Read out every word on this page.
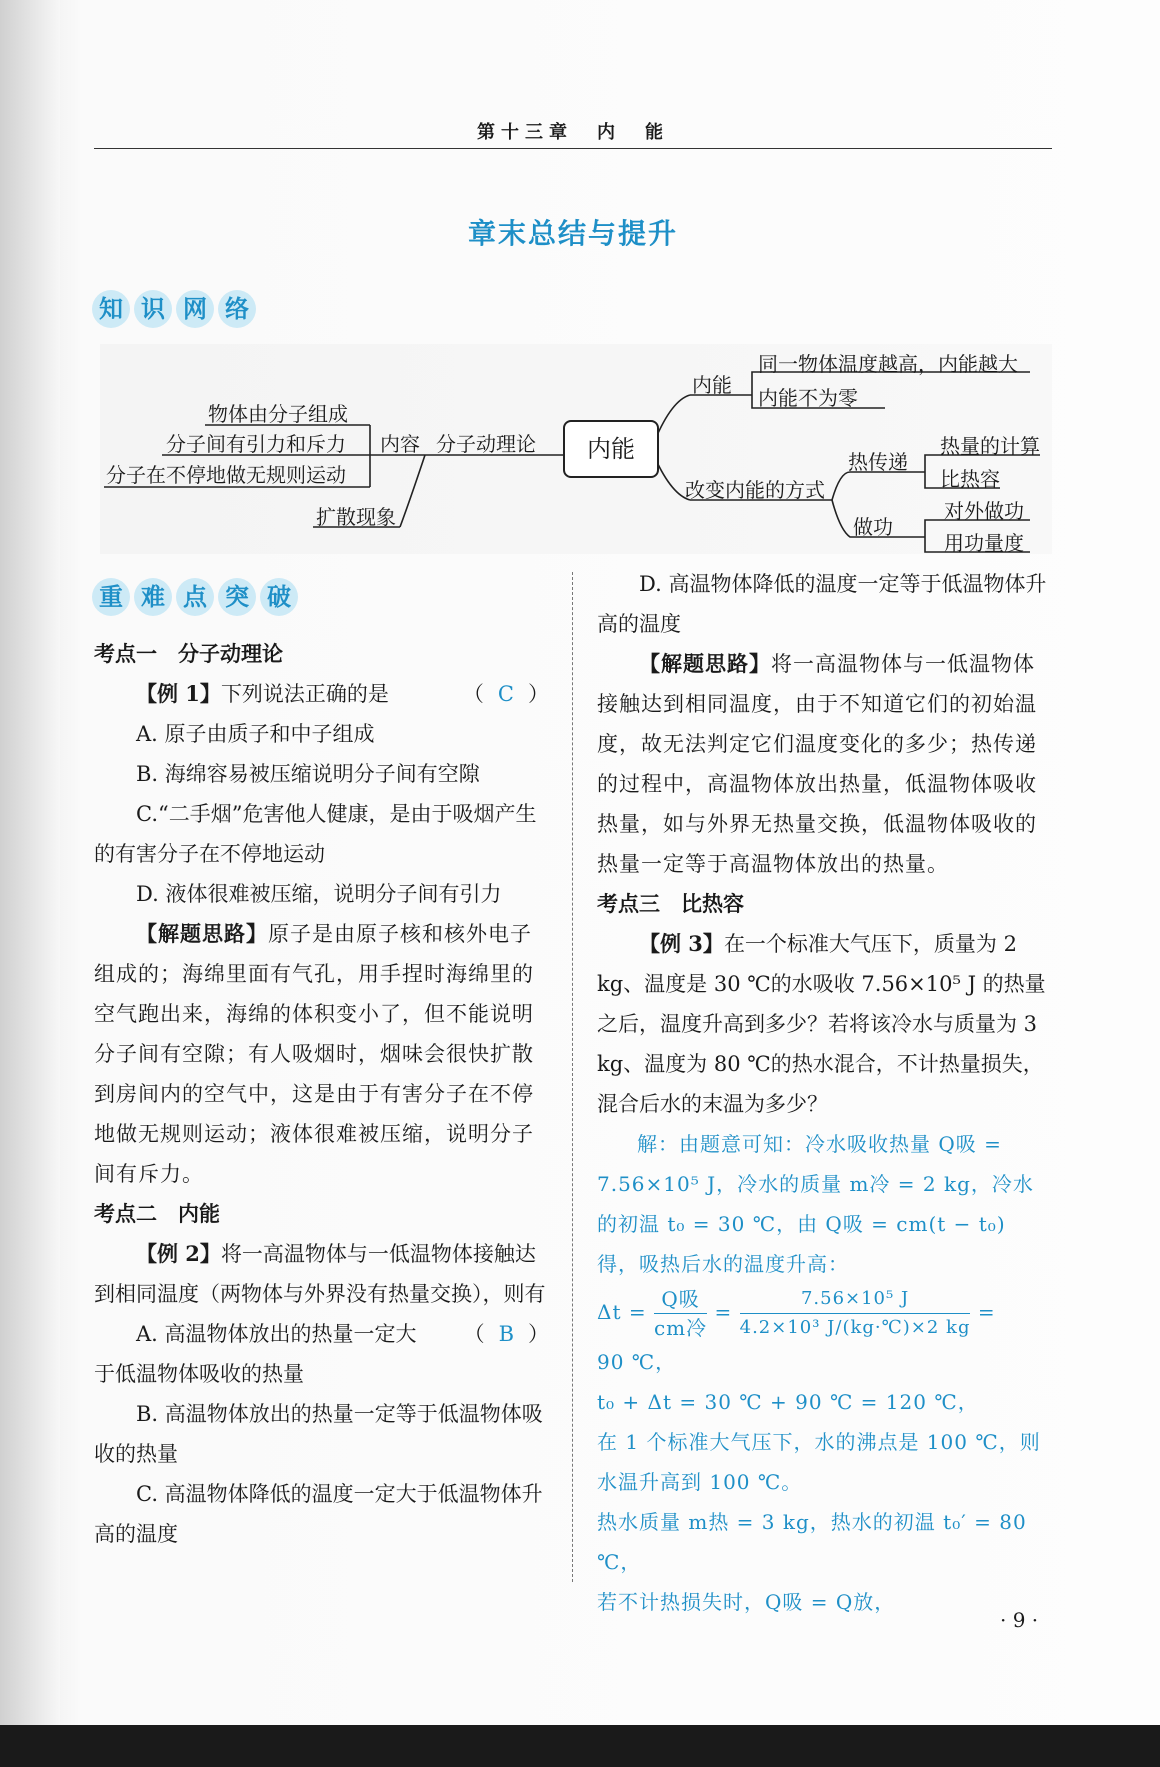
第十三章　内　能
章末总结与提升
知 识 网 络
内能
物体由分子组成
分子间有引力和斥力
分子在不停地做无规则运动
内容 分子动理论
扩散现象
内能
同一物体温度越高，内能越大
内能不为零
改变内能的方式
热传递
热量的计算
比热容
做功
对外做功
用功量度
重 难 点 突 破

考点一　分子动理论

【例 1】下列说法正确的是	（ C ）

A. 原子由质子和中子组成

B. 海绵容易被压缩说明分子间有空隙

C.“二手烟”危害他人健康，是由于吸烟产生的有害分子在不停地运动

D. 液体很难被压缩，说明分子间有引力

【解题思路】原子是由原子核和核外电子组成的；海绵里面有气孔，用手捏时海绵里的空气跑出来，海绵的体积变小了，但不能说明分子间有空隙；有人吸烟时，烟味会很快扩散到房间内的空气中，这是由于有害分子在不停地做无规则运动；液体很难被压缩，说明分子间有斥力。

考点二　内能

【例 2】将一高温物体与一低温物体接触达到相同温度（两物体与外界没有热量交换），则有
（ B ）

A. 高温物体放出的热量一定大于低温物体吸收的热量

B. 高温物体放出的热量一定等于低温物体吸收的热量

C. 高温物体降低的温度一定大于低温物体升高的温度

D. 高温物体降低的温度一定等于低温物体升高的温度

【解题思路】将一高温物体与一低温物体接触达到相同温度，由于不知道它们的初始温度，故无法判定它们温度变化的多少；热传递的过程中，高温物体放出热量，低温物体吸收热量，如与外界无热量交换，低温物体吸收的热量一定等于高温物体放出的热量。

考点三　比热容

【例 3】在一个标准大气压下，质量为 2 kg、温度是 30 ℃的水吸收 7.56×10⁵ J 的热量之后，温度升高到多少？若将该冷水与质量为 3 kg、温度为 80 ℃的热水混合，不计热量损失，混合后水的末温为多少？

解：由题意可知：冷水吸收热量 Q吸 = 7.56×10⁵ J，冷水的质量 m冷 = 2 kg，冷水的初温 t₀ = 30 ℃，由 Q吸 = cm(t − t₀) 得，吸热后水的温度升高：

$\Delta t = \frac{\text{Q吸}}{\text{cm冷}} = \frac{\text{7.56×10⁵ J}}{\text{4.2×10³ J/(kg·℃)×2 kg}}$ =

90 ℃，

t₀ + Δt = 30 ℃ + 90 ℃ = 120 ℃，

在 1 个标准大气压下，水的沸点是 100 ℃，则水温升高到 100 ℃。

热水质量 m热 = 3 kg，热水的初温 t₀′ = 80 ℃，

若不计热损失时，Q吸 = Q放，

· 9 ·
